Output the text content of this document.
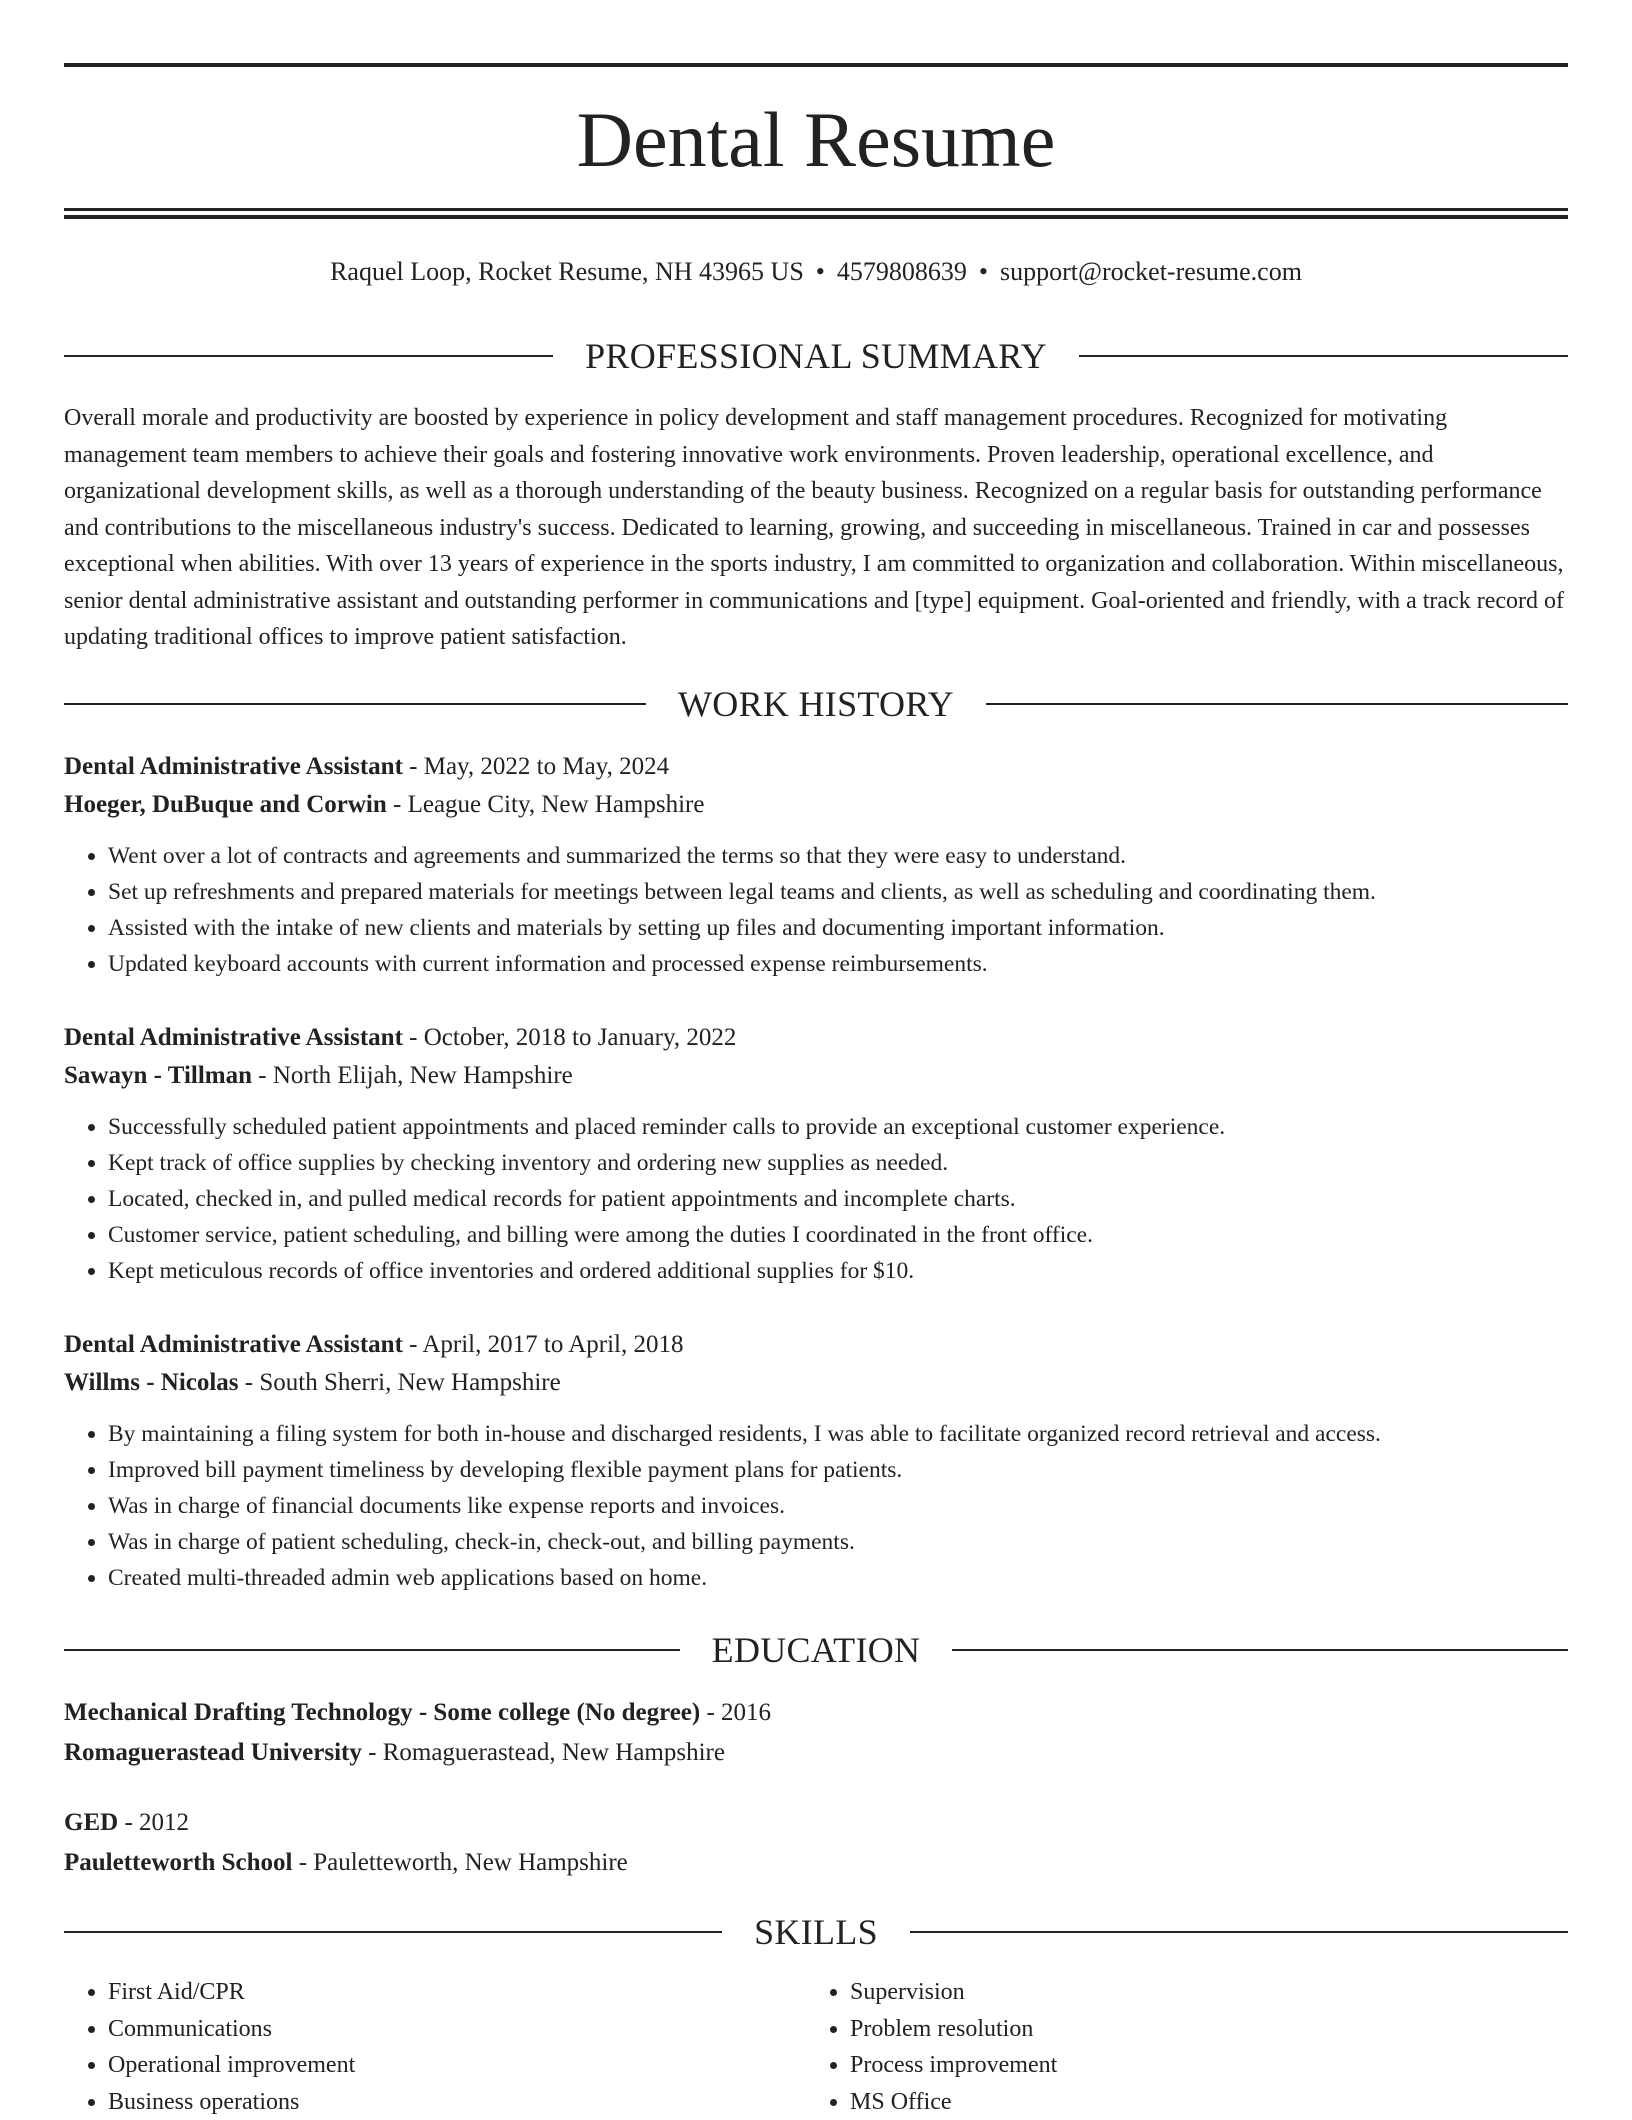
Dental Resume
Raquel Loop, Rocket Resume, NH 43965 US • 4579808639 • support@rocket-resume.com
PROFESSIONAL SUMMARY
Overall morale and productivity are boosted by experience in policy development and staff management procedures. Recognized for motivating management team members to achieve their goals and fostering innovative work environments. Proven leadership, operational excellence, and organizational development skills, as well as a thorough understanding of the beauty business. Recognized on a regular basis for outstanding performance and contributions to the miscellaneous industry's success. Dedicated to learning, growing, and succeeding in miscellaneous. Trained in car and possesses exceptional when abilities. With over 13 years of experience in the sports industry, I am committed to organization and collaboration. Within miscellaneous, senior dental administrative assistant and outstanding performer in communications and [type] equipment. Goal-oriented and friendly, with a track record of updating traditional offices to improve patient satisfaction.
WORK HISTORY
Dental Administrative Assistant - May, 2022 to May, 2024
Hoeger, DuBuque and Corwin - League City, New Hampshire
• Went over a lot of contracts and agreements and summarized the terms so that they were easy to understand.
• Set up refreshments and prepared materials for meetings between legal teams and clients, as well as scheduling and coordinating them.
• Assisted with the intake of new clients and materials by setting up files and documenting important information.
• Updated keyboard accounts with current information and processed expense reimbursements.
Dental Administrative Assistant - October, 2018 to January, 2022
Sawayn - Tillman - North Elijah, New Hampshire
• Successfully scheduled patient appointments and placed reminder calls to provide an exceptional customer experience.
• Kept track of office supplies by checking inventory and ordering new supplies as needed.
• Located, checked in, and pulled medical records for patient appointments and incomplete charts.
• Customer service, patient scheduling, and billing were among the duties I coordinated in the front office.
• Kept meticulous records of office inventories and ordered additional supplies for $10.
Dental Administrative Assistant - April, 2017 to April, 2018
Willms - Nicolas - South Sherri, New Hampshire
• By maintaining a filing system for both in-house and discharged residents, I was able to facilitate organized record retrieval and access.
• Improved bill payment timeliness by developing flexible payment plans for patients.
• Was in charge of financial documents like expense reports and invoices.
• Was in charge of patient scheduling, check-in, check-out, and billing payments.
• Created multi-threaded admin web applications based on home.
EDUCATION
Mechanical Drafting Technology - Some college (No degree) - 2016
Romaguerastead University - Romaguerastead, New Hampshire
GED - 2012
Pauletteworth School - Pauletteworth, New Hampshire
SKILLS
• First Aid/CPR
• Communications
• Operational improvement
• Business operations
• Supervision
• Problem resolution
• Process improvement
• MS Office
